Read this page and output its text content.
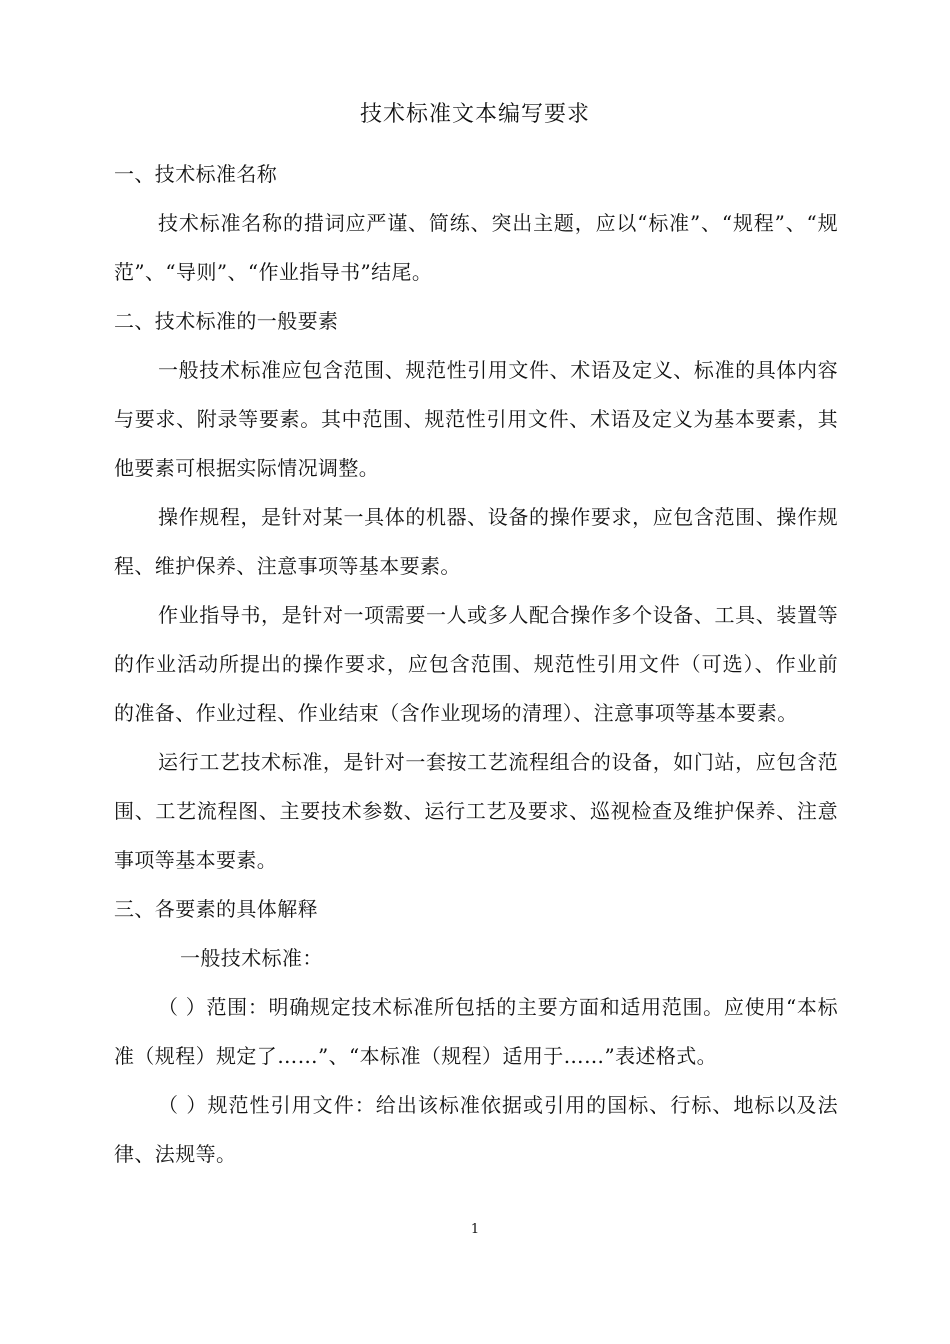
技术标准文本编写要求

一、技术标准名称

技术标准名称的措词应严谨、简练、突出主题，应以“标准”、“规程”、“规范”、“导则”、“作业指导书”结尾。

二、技术标准的一般要素

一般技术标准应包含范围、规范性引用文件、术语及定义、标准的具体内容与要求、附录等要素。其中范围、规范性引用文件、术语及定义为基本要素，其他要素可根据实际情况调整。

操作规程，是针对某一具体的机器、设备的操作要求，应包含范围、操作规程、维护保养、注意事项等基本要素。

作业指导书，是针对一项需要一人或多人配合操作多个设备、工具、装置等的作业活动所提出的操作要求，应包含范围、规范性引用文件（可选）、作业前的准备、作业过程、作业结束（含作业现场的清理）、注意事项等基本要素。

运行工艺技术标准，是针对一套按工艺流程组合的设备，如门站，应包含范围、工艺流程图、主要技术参数、运行工艺及要求、巡视检查及维护保养、注意事项等基本要素。

三、各要素的具体解释

一般技术标准：

（ ）范围：明确规定技术标准所包括的主要方面和适用范围。应使用“本标准（规程）规定了……”、“本标准（规程）适用于……”表述格式。

（ ）规范性引用文件：给出该标准依据或引用的国标、行标、地标以及法律、法规等。

1
